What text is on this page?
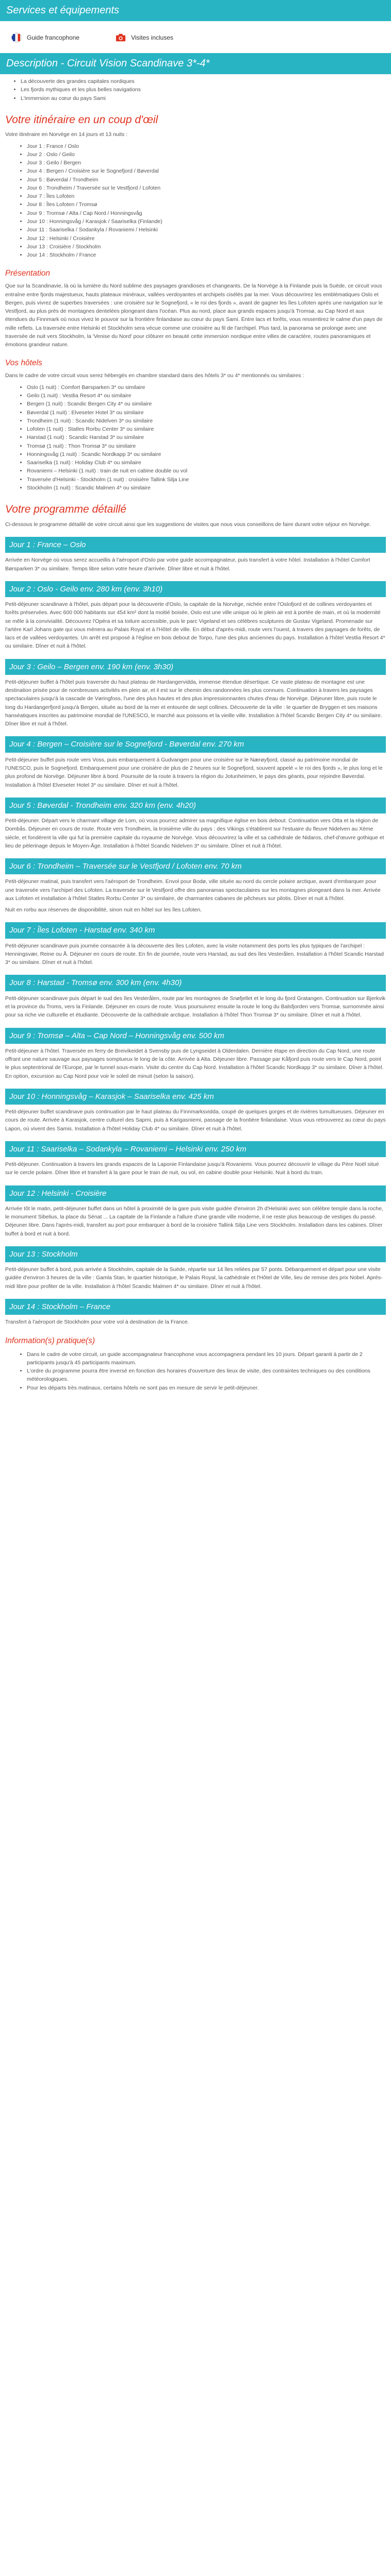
Services et équipements
Guide francophone	Visites incluses
Description - Circuit Vision Scandinave 3*-4*
• La découverte des grandes capitales nordiques
• Les fjords mythiques et les plus belles navigations
• L'immersion au cœur du pays Sami
Votre itinéraire en un coup d'œil

Votre itinéraire en Norvège en 14 jours et 13 nuits :

• Jour 1 : France / Oslo
• Jour 2 : Oslo / Geilo
• Jour 3 : Geilo / Bergen
• Jour 4 : Bergen / Croisière sur le Sognefjord / Bøverdal
• Jour 5 : Bøverdal / Trondheim
• Jour 6 : Trondheim / Traversée sur le Vestfjord / Lofoten
• Jour 7 : Îles Lofoten
• Jour 8 : Îles Lofoten / Tromsø
• Jour 9 : Tromsø / Alta / Cap Nord / Honningsvåg
• Jour 10 : Honningsvåg / Karasjok / Saariselka (Finlande)
• Jour 11 : Saariselka / Sodankyla / Rovaniemi / Helsinki
• Jour 12 : Helsinki / Croisière
• Jour 13 : Croisière / Stockholm
• Jour 14 : Stockholm / France
Présentation

Que sur la Scandinavie, là où la lumière du Nord sublime des paysages grandioses et changeants. De la Norvège à la Finlande puis la Suède, ce circuit vous entraîne entre fjords majestueux, hauts plateaux minéraux, vallées verdoyantes et archipels cisélés par la mer. Vous découvrirez les emblématiques Oslo et Bergen, puis vivrez de superbes traversées : une croisière sur le Sognefjord, « le roi des fjords », avant de gagner les îles Lofoten après une navigation sur le Vestfjord, au plus près de montagnes dentelées plongeant dans l'océan. Plus au nord, place aux grands espaces jusqu'à Tromsø, au Cap Nord et aux étendues du Finnmark où nous vivez le pouvoir sur la frontière finlandaise au cœur du pays Sami. Entre lacs et forêts, vous ressentirez le calme d'un pays de mille reflets. La traversée entre Helsinki et Stockholm sera vécue comme une croisière au fil de l'archipel. Plus tard, la panorama se prolonge avec une traversée de nuit vers Stockholm, la 'Venise du Nord' pour clôturer en beauté cette immersion nordique entre villes de caractère, routes panoramiques et émotions grandeur nature.

Vos hôtels

Dans le cadre de votre circuit vous serez hébergés en chambre standard dans des hôtels 3* ou 4* mentionnés ou similaires :

• Oslo (1 nuit) : Comfort Børsparken 3* ou similaire
• Geilo (1 nuit) : Vestlia Resort 4* ou similaire
• Bergen (1 nuit) : Scandic Bergen City 4* ou similaire
• Bøverdal (1 nuit) : Elveseter Hotel 3* ou similaire
• Trondheim (1 nuit) : Scandic Nidelven 3* ou similaire
• Lofoten (1 nuit) : Statles Rorbu Center 3* ou similaire
• Harstad (1 nuit) : Scandic Harstad 3* ou similaire
• Tromsø (1 nuit) : Thon Tromsø 3* ou similaire
• Honningsvåg (1 nuit) : Scandic Nordkapp 3* ou similaire
• Saariselka (1 nuit) : Holiday Club 4* ou similaire
• Rovaniemi – Helsinki (1 nuit) : train de nuit en cabine double ou vol
• Traversée d'Helsinki - Stockholm (1 nuit) : croisière Tallink Silja Line
• Stockholm (1 nuit) : Scandic Malmen 4* ou similaire
Votre programme détaillé

Ci-dessous le programme détaillé de votre circuit ainsi que les suggestions de visites que nous vous conseillons de faire durant votre séjour en Norvège.

Jour 1 : France – Oslo

Arrivée en Norvège où vous serez accueillis à l'aéroport d'Oslo par votre guide accompagnateur, puis transfert à votre hôtel. Installation à l'hôtel Comfort Børsparken 3* ou similaire. Temps libre selon votre heure d'arrivée. Dîner libre et nuit à l'hôtel.

Jour 2 : Oslo - Geilo env. 280 km (env. 3h10)

Petit-déjeuner scandinave à l'hôtel, puis départ pour la découverte d'Oslo, la capitale de la Norvège, nichée entre l'Oslofjord et de collines verdoyantes et forêts préservées. Avec 600 000 habitants sur 454 km² dont la moitié boisée, Oslo est une ville unique où le plein air est à portée de main, et où la modernité se mêle à la convivialité. Découvrez l'Opéra et sa toiture accessible, puis le parc Vigeland et ses célèbres sculptures de Gustav Vigeland. Promenade sur l'artère Karl Johans gate qui vous mènera au Palais Royal et à l'Hôtel de ville. En début d'après-midi, route vers l'ouest, à travers des paysages de forêts, de lacs et de vallées verdoyantes. Un arrêt est proposé à l'église en bois debout de Torpo, l'une des plus anciennes du pays. Installation à l'hôtel Vestlia Resort 4* ou similaire. Dîner et nuit à l'hôtel.

Jour 3 : Geilo – Bergen env. 190 km (env. 3h30)

Petit-déjeuner buffet à l'hôtel puis traversée du haut plateau de Hardangervidda, immense étendue désertique. Ce vaste plateau de montagne est une destination prisée pour de nombreuses activités en plein air, et il est sur le chemin des randonnées les plus connues. Continuation à travers les paysages spectaculaires jusqu'à la cascade de Vøringfoss, l'une des plus hautes et des plus impressionnantes chutes d'eau de Norvège. Déjeuner libre, puis route le long du Hardangerfjord jusqu'à Bergen, située au bord de la mer et entourée de sept collines. Découverte de la ville : le quartier de Bryggen et ses maisons hanséatiques inscrites au patrimoine mondial de l'UNESCO, le marché aux poissons et la vieille ville. Installation à l'hôtel Scandic Bergen City 4* ou similaire. Dîner libre et nuit à l'hôtel.

Jour 4 : Bergen – Croisière sur le Sognefjord - Bøverdal env. 270 km

Petit-déjeuner buffet puis route vers Voss, puis embarquement à Gudvangen pour une croisière sur le Nærøyfjord, classé au patrimoine mondial de l'UNESCO, puis le Sognefjord. Embarquement pour une croisière de plus de 2 heures sur le Sognefjord, souvent appelé « le roi des fjords », le plus long et le plus profond de Norvège. Déjeuner libre à bord. Poursuite de la route à travers la région du Jotunheimen, le pays des géants, pour rejoindre Bøverdal. Installation à l'hôtel Elveseter Hotel 3* ou similaire. Dîner et nuit à l'hôtel.

Jour 5 : Bøverdal - Trondheim env. 320 km (env. 4h20)

Petit-déjeuner. Départ vers le charmant village de Lom, où vous pourrez admirer sa magnifique église en bois debout. Continuation vers Otta et la région de Dombås. Déjeuner en cours de route. Route vers Trondheim, la troisième ville du pays : des Vikings s'établirent sur l'estuaire du fleuve Nidelven au Xème siècle, et fondèrent la ville qui fut la première capitale du royaume de Norvège. Vous découvrirez la ville et sa cathédrale de Nidaros, chef-d'œuvre gothique et lieu de pèlerinage depuis le Moyen-Âge. Installation à l'hôtel Scandic Nidelven 3* ou similaire. Dîner et nuit à l'hôtel.

Jour 6 : Trondheim – Traversée sur le Vestfjord / Lofoten env. 70 km

Petit-déjeuner matinal, puis transfert vers l'aéroport de Trondheim. Envol pour Bodø, ville située au nord du cercle polaire arctique, avant d'embarquer pour une traversée vers l'archipel des Lofoten. La traversée sur le Vestfjord offre des panoramas spectaculaires sur les montagnes plongeant dans la mer. Arrivée aux Lofoten et installation à l'hôtel Statles Rorbu Center 3* ou similaire, de charmantes cabanes de pêcheurs sur pilotis. Dîner et nuit à l'hôtel.

Nuit en rorbu aux réserves de disponibilité, sinon nuit en hôtel sur les îles Lofoten.

Jour 7 : Îles Lofoten - Harstad env. 340 km

Petit-déjeuner scandinave puis journée consacrée à la découverte des îles Lofoten, avec la visite notamment des ports les plus typiques de l'archipel : Henningsvær, Reine ou Å. Déjeuner en cours de route. En fin de journée, route vers Harstad, au sud des îles Vesterålen. Installation à l'hôtel Scandic Harstad 3* ou similaire. Dîner et nuit à l'hôtel.

Jour 8 : Harstad - Tromsø env. 300 km (env. 4h30)

Petit-déjeuner scandinave puis départ le sud des îles Vesterålen, route par les montagnes de Snøfjellet et le long du fjord Gratangen. Continuation sur Bjerkvik et la province du Troms, vers la Finlande. Déjeuner en cours de route. Vous poursuivrez ensuite la route le long du Balsfjorden vers Tromsø, surnommée ainsi pour sa riche vie culturelle et étudiante. Découverte de la cathédrale arctique. Installation à l'hôtel Thon Tromsø 3* ou similaire. Dîner et nuit à l'hôtel.

Jour 9 : Tromsø – Alta – Cap Nord – Honningsvåg env. 500 km

Petit-déjeuner à l'hôtel. Traversée en ferry de Breivikeidet à Svensby puis de Lyngseidet à Olderdalen. Dernière étape en direction du Cap Nord, une route offrant une nature sauvage aux paysages somptueux le long de la côte. Arrivée à Alta. Déjeuner libre. Passage par Kåfjord puis route vers le Cap Nord, point le plus septentrional de l'Europe, par le tunnel sous-marin. Visite du centre du Cap Nord. Installation à l'hôtel Scandic Nordkapp 3* ou similaire. Dîner à l'hôtel. En option, excursion au Cap Nord pour voir le soleil de minuit (selon la saison).

Jour 10 : Honningsvåg – Karasjok – Saariselka env. 425 km

Petit-déjeuner buffet scandinave puis continuation par le haut plateau du Finnmarksvidda, coupé de quelques gorges et de rivières tumultueuses. Déjeuner en cours de route. Arrivée à Karasjok, centre culturel des Sapmi, puis à Karigasniemi, passage de la frontière finlandaise. Vous vous retrouverez au cœur du pays Lapon, où vivent des Samis. Installation à l'hôtel Holiday Club 4* ou similaire. Dîner et nuit à l'hôtel.

Jour 11 : Saariselka – Sodankyla – Rovaniemi – Helsinki env. 250 km

Petit-déjeuner. Continuation à travers les grands espaces de la Laponie Finlandaise jusqu'à Rovaniemi. Vous pourrez découvrir le village du Père Noël situé sur le cercle polaire. Dîner libre et transfert à la gare pour le train de nuit, ou vol, en cabine double pour Helsinki. Nuit à bord du train.

Jour 12 : Helsinki - Croisière

Arrivée tôt le matin, petit-déjeuner buffet dans un hôtel à proximité de la gare puis visite guidée d'environ 2h d'Helsinki avec son célèbre temple dans la roche, le monument Sibelius, la place du Sénat ... La capitale de la Finlande a l'allure d'une grande ville moderne, il ne reste plus beaucoup de vestiges du passé. Déjeuner libre. Dans l'après-midi, transfert au port pour embarquer à bord de la croisière Tallink Silja Line vers Stockholm. Installation dans les cabines. Dîner buffet à bord et nuit à bord.

Jour 13 : Stockholm

Petit-déjeuner buffet à bord, puis arrivée à Stockholm, capitale de la Suède, répartie sur 14 îles reliées par 57 ponts. Débarquement et départ pour une visite guidée d'environ 3 heures de la ville : Gamla Stan, le quartier historique, le Palais Royal, la cathédrale et l'Hôtel de Ville, lieu de remise des prix Nobel. Après-midi libre pour profiter de la ville. Installation à l'hôtel Scandic Malmen 4* ou similaire. Dîner et nuit à l'hôtel.

Jour 14 : Stockholm – France

Transfert à l'aéroport de Stockholm pour votre vol à destination de la France.

Information(s) pratique(s)
• Dans le cadre de votre circuit, un guide accompagnateur francophone vous accompagnera pendant les 10 jours. Départ garanti à partir de 2 participants jusqu'à 45 participants maximum.
• L'ordre du programme pourra être inversé en fonction des horaires d'ouverture des lieux de visite, des contraintes techniques ou des conditions météorologiques.
• Pour les départs très matinaux, certains hôtels ne sont pas en mesure de servir le petit-déjeuner.
